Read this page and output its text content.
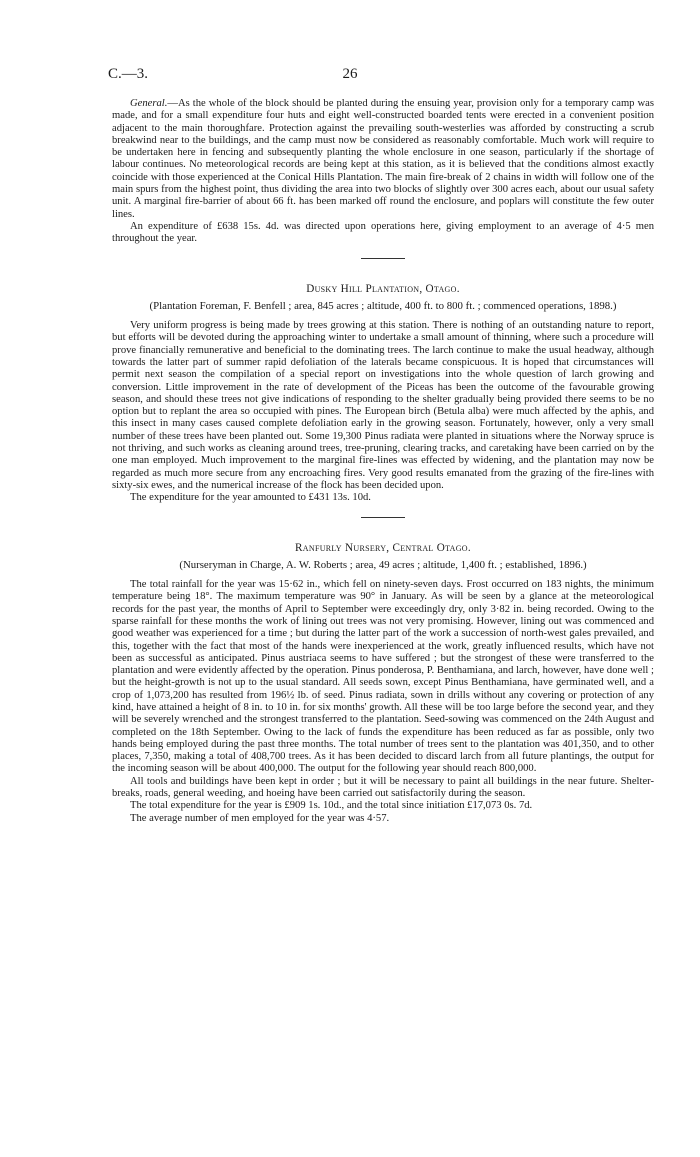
C.—3.	26

General.—As the whole of the block should be planted during the ensuing year, provision only for a temporary camp was made, and for a small expenditure four huts and eight well-constructed boarded tents were erected in a convenient position adjacent to the main thoroughfare. Protection against the prevailing south-westerlies was afforded by constructing a scrub breakwind near to the buildings, and the camp must now be considered as reasonably comfortable. Much work will require to be undertaken here in fencing and subsequently planting the whole enclosure in one season, particularly if the shortage of labour continues. No meteorological records are being kept at this station, as it is believed that the conditions almost exactly coincide with those experienced at the Conical Hills Plantation. The main fire-break of 2 chains in width will follow one of the main spurs from the highest point, thus dividing the area into two blocks of slightly over 300 acres each, about our usual safety unit. A marginal fire-barrier of about 66 ft. has been marked off round the enclosure, and poplars will constitute the few outer lines.

An expenditure of £638 15s. 4d. was directed upon operations here, giving employment to an average of 4·5 men throughout the year.

Dusky Hill Plantation, Otago.

(Plantation Foreman, F. Benfell ; area, 845 acres ; altitude, 400 ft. to 800 ft. ; commenced operations, 1898.)

Very uniform progress is being made by trees growing at this station. There is nothing of an outstanding nature to report, but efforts will be devoted during the approaching winter to undertake a small amount of thinning, where such a procedure will prove financially remunerative and beneficial to the dominating trees. The larch continue to make the usual headway, although towards the latter part of summer rapid defoliation of the laterals became conspicuous. It is hoped that circumstances will permit next season the compilation of a special report on investigations into the whole question of larch growing and conversion. Little improvement in the rate of development of the Piceas has been the outcome of the favourable growing season, and should these trees not give indications of responding to the shelter gradually being provided there seems to be no option but to replant the area so occupied with pines. The European birch (Betula alba) were much affected by the aphis, and this insect in many cases caused complete defoliation early in the growing season. Fortunately, however, only a very small number of these trees have been planted out. Some 19,300 Pinus radiata were planted in situations where the Norway spruce is not thriving, and such works as cleaning around trees, tree-pruning, clearing tracks, and caretaking have been carried on by the one man employed. Much improvement to the marginal fire-lines was effected by widening, and the plantation may now be regarded as much more secure from any encroaching fires. Very good results emanated from the grazing of the fire-lines with sixty-six ewes, and the numerical increase of the flock has been decided upon.

The expenditure for the year amounted to £431 13s. 10d.

Ranfurly Nursery, Central Otago.

(Nurseryman in Charge, A. W. Roberts ; area, 49 acres ; altitude, 1,400 ft. ; established, 1896.)

The total rainfall for the year was 15·62 in., which fell on ninety-seven days. Frost occurred on 183 nights, the minimum temperature being 18°. The maximum temperature was 90° in January. As will be seen by a glance at the meteorological records for the past year, the months of April to September were exceedingly dry, only 3·82 in. being recorded. Owing to the sparse rainfall for these months the work of lining out trees was not very promising. However, lining out was commenced and good weather was experienced for a time ; but during the latter part of the work a succession of north-west gales prevailed, and this, together with the fact that most of the hands were inexperienced at the work, greatly influenced results, which have not been as successful as anticipated. Pinus austriaca seems to have suffered ; but the strongest of these were transferred to the plantation and were evidently affected by the operation. Pinus ponderosa, P. Benthamiana, and larch, however, have done well ; but the height-growth is not up to the usual standard. All seeds sown, except Pinus Benthamiana, have germinated well, and a crop of 1,073,200 has resulted from 196½ lb. of seed. Pinus radiata, sown in drills without any covering or protection of any kind, have attained a height of 8 in. to 10 in. for six months' growth. All these will be too large before the second year, and they will be severely wrenched and the strongest transferred to the plantation. Seed-sowing was commenced on the 24th August and completed on the 18th September. Owing to the lack of funds the expenditure has been reduced as far as possible, only two hands being employed during the past three months. The total number of trees sent to the plantation was 401,350, and to other places, 7,350, making a total of 408,700 trees. As it has been decided to discard larch from all future plantings, the output for the incoming season will be about 400,000. The output for the following year should reach 800,000.

All tools and buildings have been kept in order ; but it will be necessary to paint all buildings in the near future. Shelter-breaks, roads, general weeding, and hoeing have been carried out satisfactorily during the season.

The total expenditure for the year is £909 1s. 10d., and the total since initiation £17,073 0s. 7d.

The average number of men employed for the year was 4·57.
